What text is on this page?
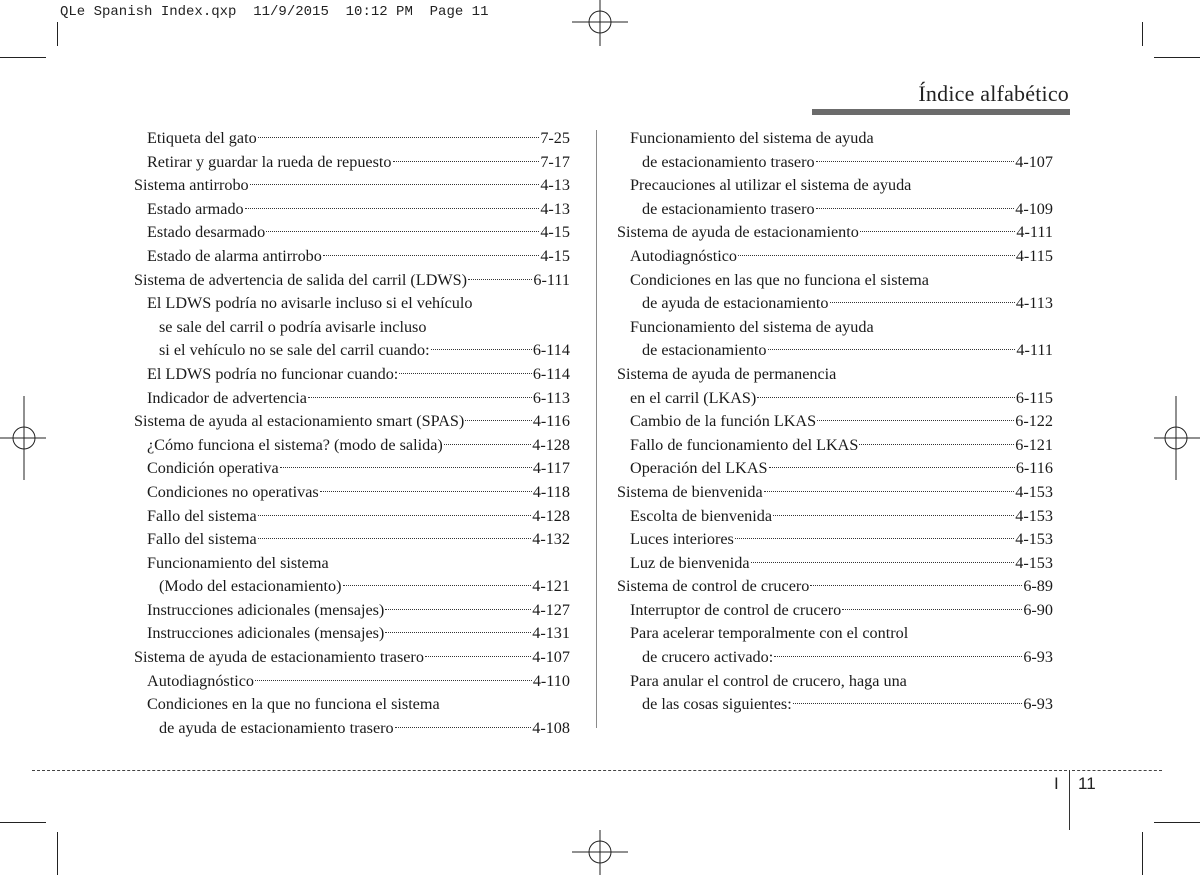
QLe Spanish Index.qxp  11/9/2015  10:12 PM  Page 11
Índice alfabético
Etiqueta del gato	7-25
Retirar y guardar la rueda de repuesto	7-17
Sistema antirrobo	4-13
Estado armado	4-13
Estado desarmado	4-15
Estado de alarma antirrobo	4-15
Sistema de advertencia de salida del carril (LDWS)	6-111
El LDWS podría no avisarle incluso si el vehículo
se sale del carril o podría avisarle incluso
si el vehículo no se sale del carril cuando:	6-114
El LDWS podría no funcionar cuando:	6-114
Indicador de advertencia	6-113
Sistema de ayuda al estacionamiento smart (SPAS)	4-116
¿Cómo funciona el sistema? (modo de salida)	4-128
Condición operativa	4-117
Condiciones no operativas	4-118
Fallo del sistema	4-128
Fallo del sistema	4-132
Funcionamiento del sistema
(Modo del estacionamiento)	4-121
Instrucciones adicionales (mensajes)	4-127
Instrucciones adicionales (mensajes)	4-131
Sistema de ayuda de estacionamiento trasero	4-107
Autodiagnóstico	4-110
Condiciones en la que no funciona el sistema
de ayuda de estacionamiento trasero	4-108
Funcionamiento del sistema de ayuda
de estacionamiento trasero	4-107
Precauciones al utilizar el sistema de ayuda
de estacionamiento trasero	4-109
Sistema de ayuda de estacionamiento	4-111
Autodiagnóstico	4-115
Condiciones en las que no funciona el sistema
de ayuda de estacionamiento	4-113
Funcionamiento del sistema de ayuda
de estacionamiento	4-111
Sistema de ayuda de permanencia
en el carril (LKAS)	6-115
Cambio de la función LKAS	6-122
Fallo de funcionamiento del LKAS	6-121
Operación del LKAS	6-116
Sistema de bienvenida	4-153
Escolta de bienvenida	4-153
Luces interiores	4-153
Luz de bienvenida	4-153
Sistema de control de crucero	6-89
Interruptor de control de crucero	6-90
Para acelerar temporalmente con el control
de crucero activado:	6-93
Para anular el control de crucero, haga una
de las cosas siguientes:	6-93
I 11
